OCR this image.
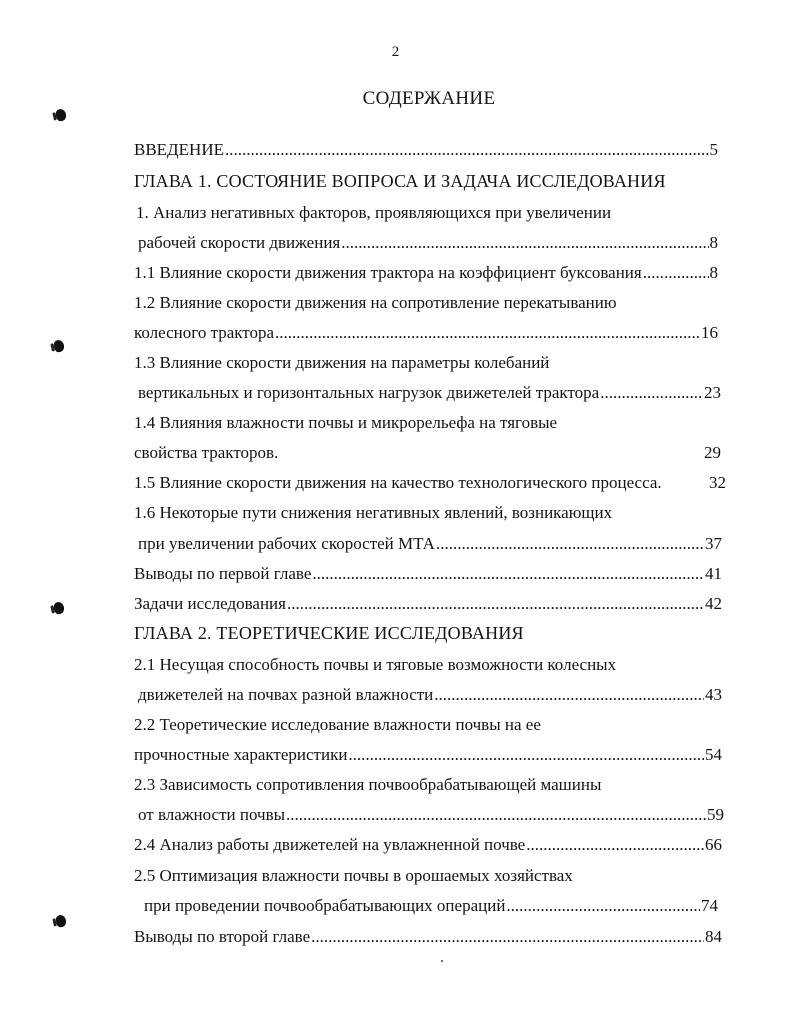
2
СОДЕРЖАНИЕ
ВВЕДЕНИЕ .....	5
ГЛАВА 1. СОСТОЯНИЕ ВОПРОСА И ЗАДАЧА ИССЛЕДОВАНИЯ
1. Анализ негативных факторов, проявляющихся при увеличении
рабочей скорости движения .....	8
1.1 Влияние скорости движения трактора на коэффициент буксования .....	8
1.2 Влияние скорости движения на сопротивление перекатыванию
колесного трактора .....	16
1.3 Влияние скорости движения на параметры колебаний
вертикальных и горизонтальных нагрузок движетелей трактора .....	23
1.4 Влияния влажности почвы и микрорельефа на тяговые
свойства тракторов.	29
1.5 Влияние скорости движения на качество технологического процесса.	32
1.6 Некоторые пути снижения негативных явлений, возникающих
при увеличении рабочих скоростей МТА .....	37
Выводы по первой главе .....	41
Задачи исследования .....	42
ГЛАВА 2. ТЕОРЕТИЧЕСКИЕ ИССЛЕДОВАНИЯ
2.1 Несущая способность почвы и тяговые возможности колесных
движетелей на почвах разной влажности .....	43
2.2 Теоретические исследование влажности почвы на ее
прочностные характеристики .....	54
2.3 Зависимость сопротивления почвообрабатывающей машины
от влажности почвы .....	59
2.4 Анализ работы движетелей на увлажненной почве .....	66
2.5 Оптимизация влажности почвы в орошаемых хозяйствах
при проведении почвообрабатывающих операций .....	74
Выводы по второй главе .....	84
